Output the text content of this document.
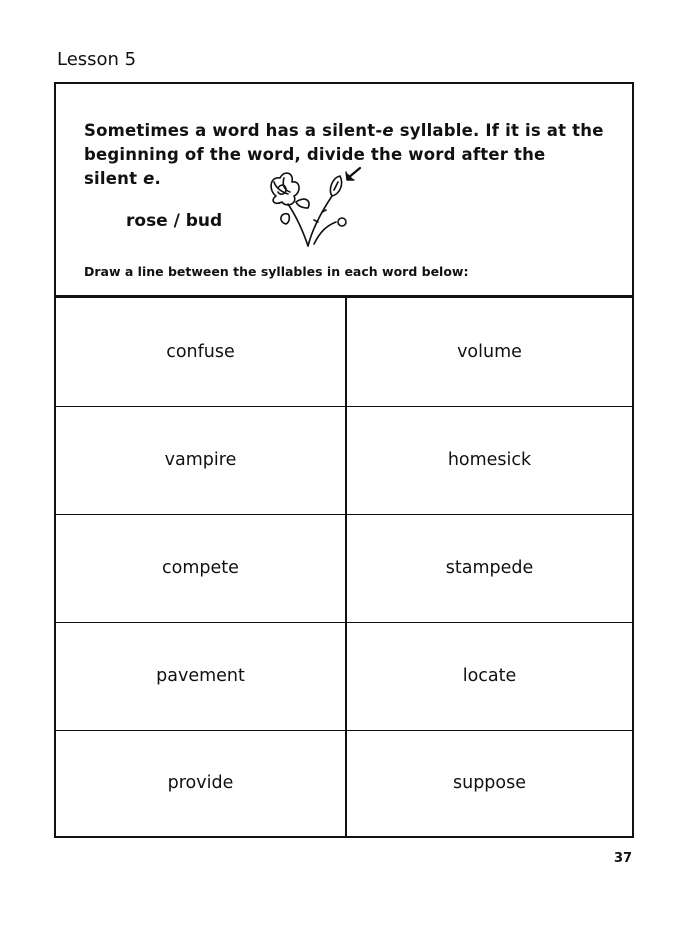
Lesson 5
Sometimes a word has a silent-e syllable. If it is at the beginning of the word, divide the word after the silent e.
rose / bud
Draw a line between the syllables in each word below:
confuse	volume
vampire	homesick
compete	stampede
pavement	locate
provide	suppose
37
